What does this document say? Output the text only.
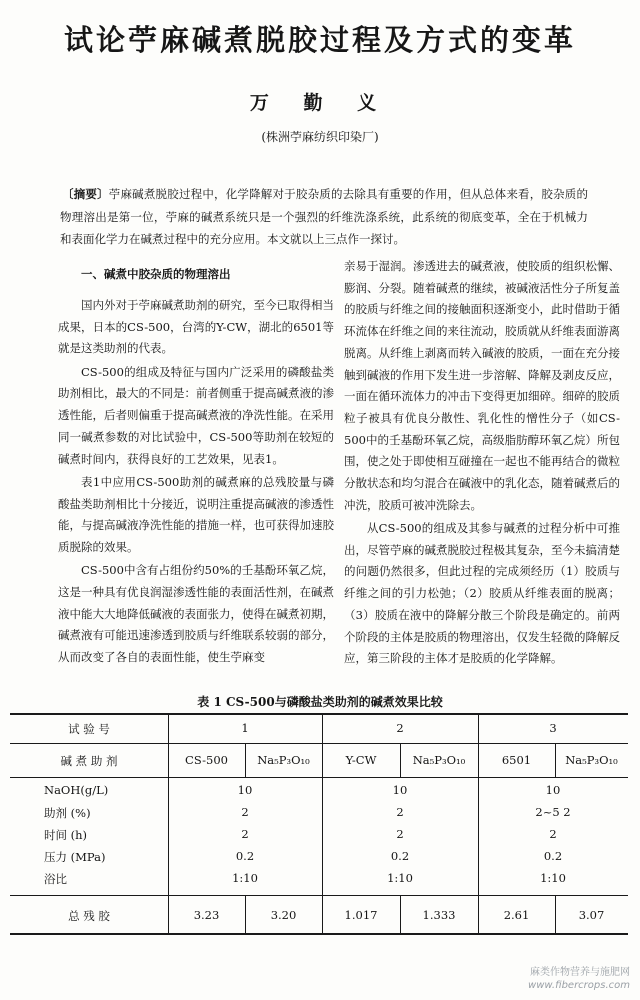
试论苧麻碱煮脱胶过程及方式的变革
万 勤 义
(株洲苧麻纺织印染厂)
〔摘要〕苧麻碱煮脱胶过程中，化学降解对于胶杂质的去除具有重要的作用，但从总体来看，胶杂质的物理溶出是第一位，苧麻的碱煮系统只是一个强烈的纤维洗涤系统，此系统的彻底变革，全在于机械力和表面化学力在碱煮过程中的充分应用。本文就以上三点作一探讨。
一、碱煮中胶杂质的物理溶出

国内外对于苧麻碱煮助剂的研究，至今已取得相当成果，日本的CS-500，台湾的Y-CW，湖北的6501等就是这类助剂的代表。

CS-500的组成及特征与国内广泛采用的磷酸盐类助剂相比，最大的不同是：前者侧重于提高碱煮液的渗透性能，后者则偏重于提高碱煮液的净洗性能。在采用同一碱煮参数的对比试验中，CS-500等助剂在较短的碱煮时间内，获得良好的工艺效果，见表1。

表1中应用CS-500助剂的碱煮麻的总残胶量与磷酸盐类助剂相比十分接近，说明注重提高碱液的渗透性能，与提高碱液净洗性能的措施一样，也可获得加速胶质脱除的效果。

CS-500中含有占组份约50%的壬基酚环氧乙烷，这是一种具有优良润湿渗透性能的表面活性剂，在碱煮液中能大大地降低碱液的表面张力，使得在碱煮初期，碱煮液有可能迅速渗透到胶质与纤维联系较弱的部分，从而改变了各自的表面性能，使生苧麻变

亲易于湿润。渗透进去的碱煮液，使胶质的组织松懈、膨润、分裂。随着碱煮的继续，被碱液活性分子所复盖的胶质与纤维之间的接触面积逐渐变小，此时借助于循环流体在纤维之间的来往流动，胶质就从纤维表面游离脱离。从纤维上剥离而转入碱液的胶质，一面在充分接触到碱液的作用下发生进一步溶解、降解及剥皮反应，一面在循环流体力的冲击下变得更加细碎。细碎的胶质粒子被具有优良分散性、乳化性的憎性分子（如CS-500中的壬基酚环氧乙烷，高级脂肪醇环氧乙烷）所包围，使之处于即使相互碰撞在一起也不能再结合的微粒分散状态和均匀混合在碱液中的乳化态，随着碱煮后的冲洗，胶质可被冲洗除去。

从CS-500的组成及其参与碱煮的过程分析中可推出，尽管苧麻的碱煮脱胶过程极其复杂，至今未搞清楚的问题仍然很多，但此过程的完成须经历（1）胶质与纤维之间的引力松弛；（2）胶质从纤维表面的脱离；（3）胶质在液中的降解分散三个阶段是确定的。前两个阶段的主体是胶质的物理溶出，仅发生轻微的降解反应，第三阶段的主体才是胶质的化学降解。

表 1 CS-500与磷酸盐类助剂的碱煮效果比较
试 验 号	1	2	3
碱 煮 助 剂	CS-500	Na₅P₃O₁₀	Y-CW	Na₅P₃O₁₀	6501	Na₅P₃O₁₀
NaOH(g/L)	10	10	10
助剂 (%)	2	2	2~5 2
时间 (h)	2	2	2
压力 (MPa)	0.2	0.2	0.2
浴比	1:10	1:10	1:10
总 残 胶	3.23	3.20	1.017	1.333	2.61	3.07
麻类作物营养与施肥网
www.fibercrops.com
